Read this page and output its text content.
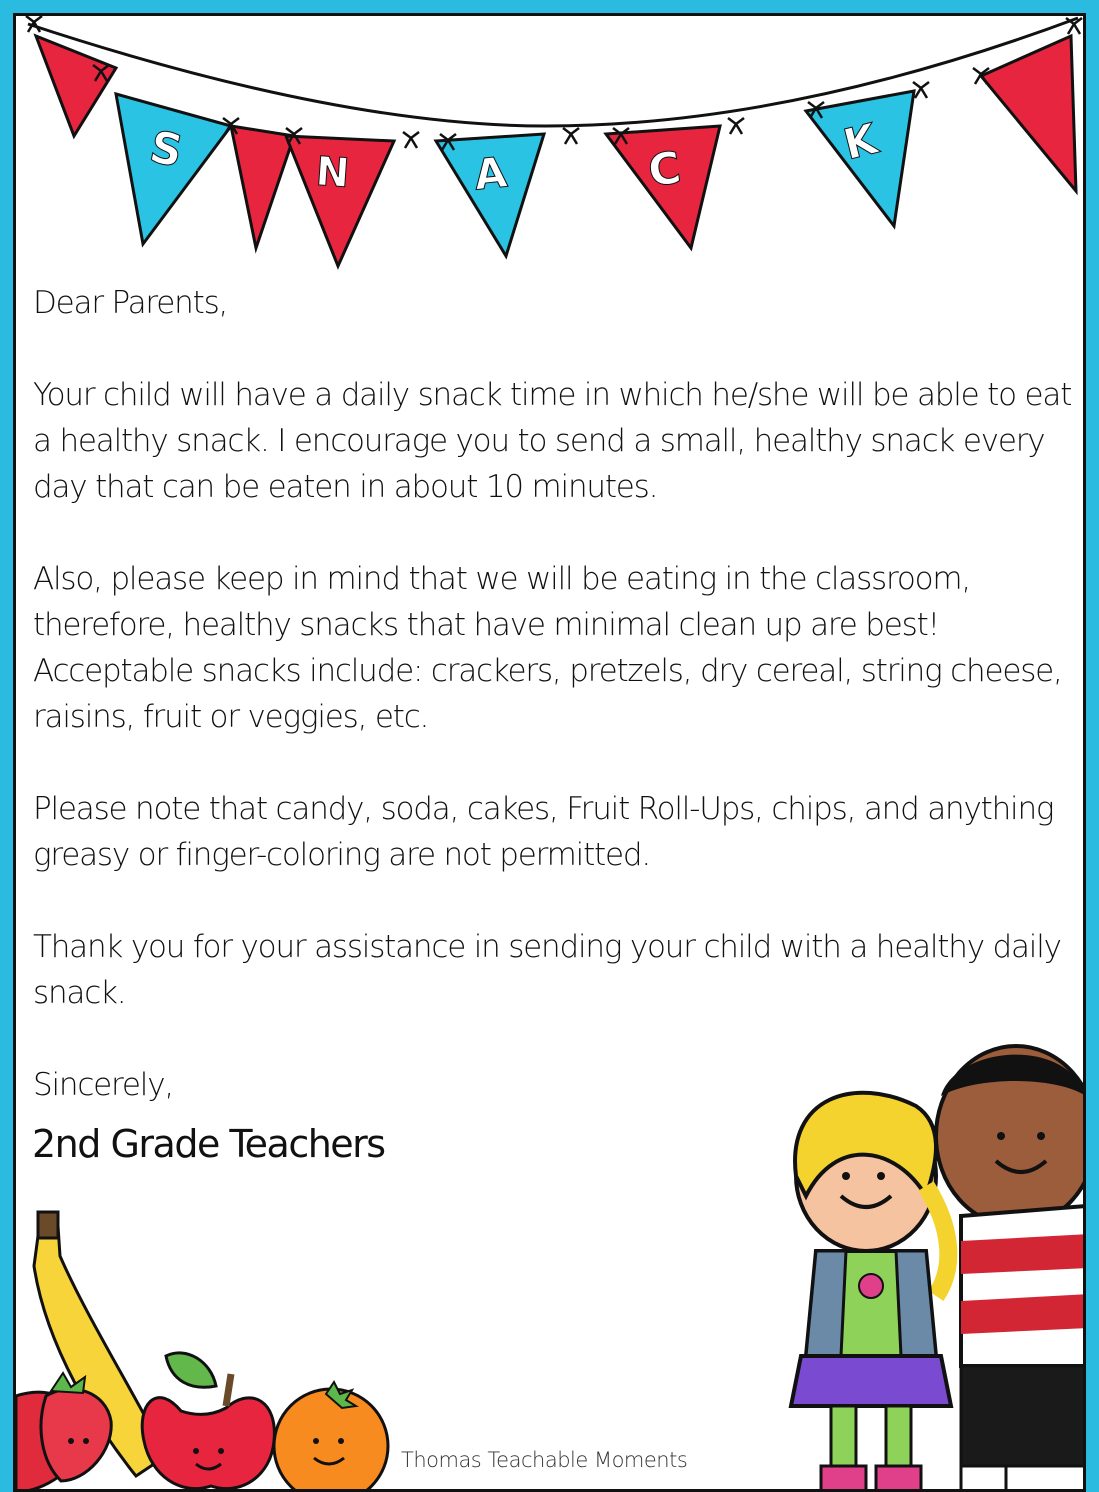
S	N	A	C
K

Dear Parents,

Your child will have a daily snack time in which he/she will be able to eat

a healthy snack. I encourage you to send a small, healthy snack every

day that can be eaten in about 10 minutes.

Also, please keep in mind that we will be eating in the classroom,

therefore, healthy snacks that have minimal clean up are best!

Acceptable snacks include: crackers, pretzels, dry cereal, string cheese,

raisins, fruit or veggies, etc.

Please note that candy, soda, cakes, Fruit Roll-Ups, chips, and anything

greasy or finger-coloring are not permitted.

Thank you for your assistance in sending your child with a healthy daily

snack.

Sincerely,

2nd Grade Teachers
Thomas Teachable Moments
